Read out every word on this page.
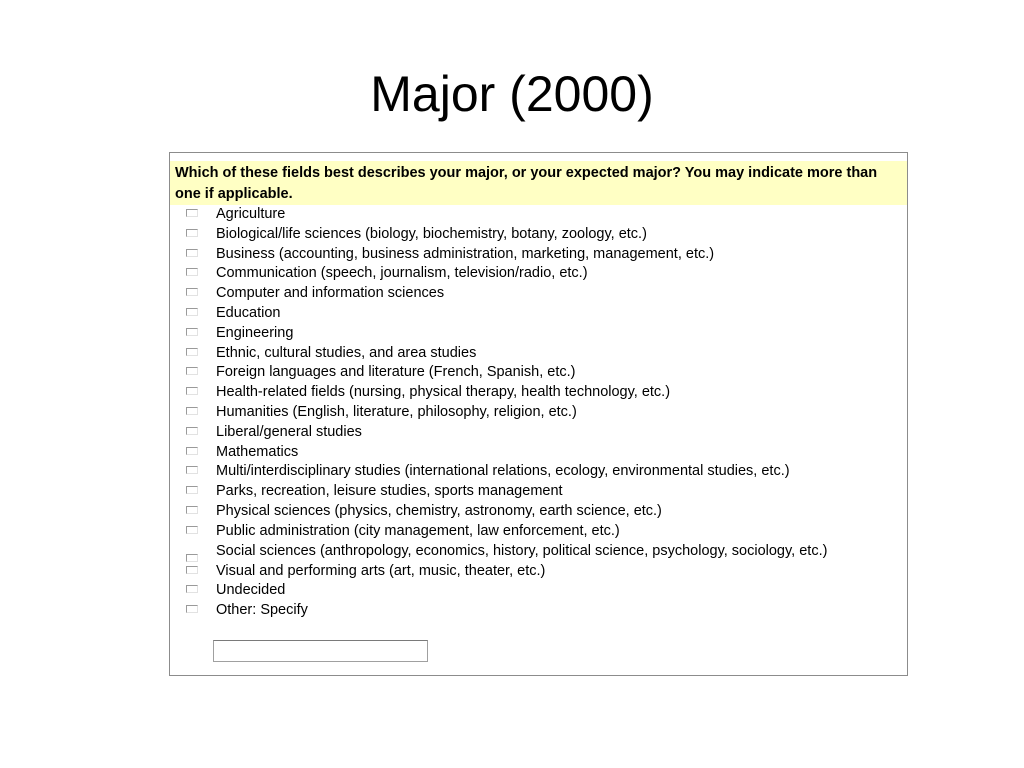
Major (2000)
Which of these fields best describes your major, or your expected major? You may indicate more than one if applicable.
Agriculture
Biological/life sciences (biology, biochemistry, botany, zoology, etc.)
Business (accounting, business administration, marketing, management, etc.)
Communication (speech, journalism, television/radio, etc.)
Computer and information sciences
Education
Engineering
Ethnic, cultural studies, and area studies
Foreign languages and literature (French, Spanish, etc.)
Health-related fields (nursing, physical therapy, health technology, etc.)
Humanities (English, literature, philosophy, religion, etc.)
Liberal/general studies
Mathematics
Multi/interdisciplinary studies (international relations, ecology, environmental studies, etc.)
Parks, recreation, leisure studies, sports management
Physical sciences (physics, chemistry, astronomy, earth science, etc.)
Public administration (city management, law enforcement, etc.)
Social sciences (anthropology, economics, history, political science, psychology, sociology, etc.)
Visual and performing arts (art, music, theater, etc.)
Undecided
Other: Specify
